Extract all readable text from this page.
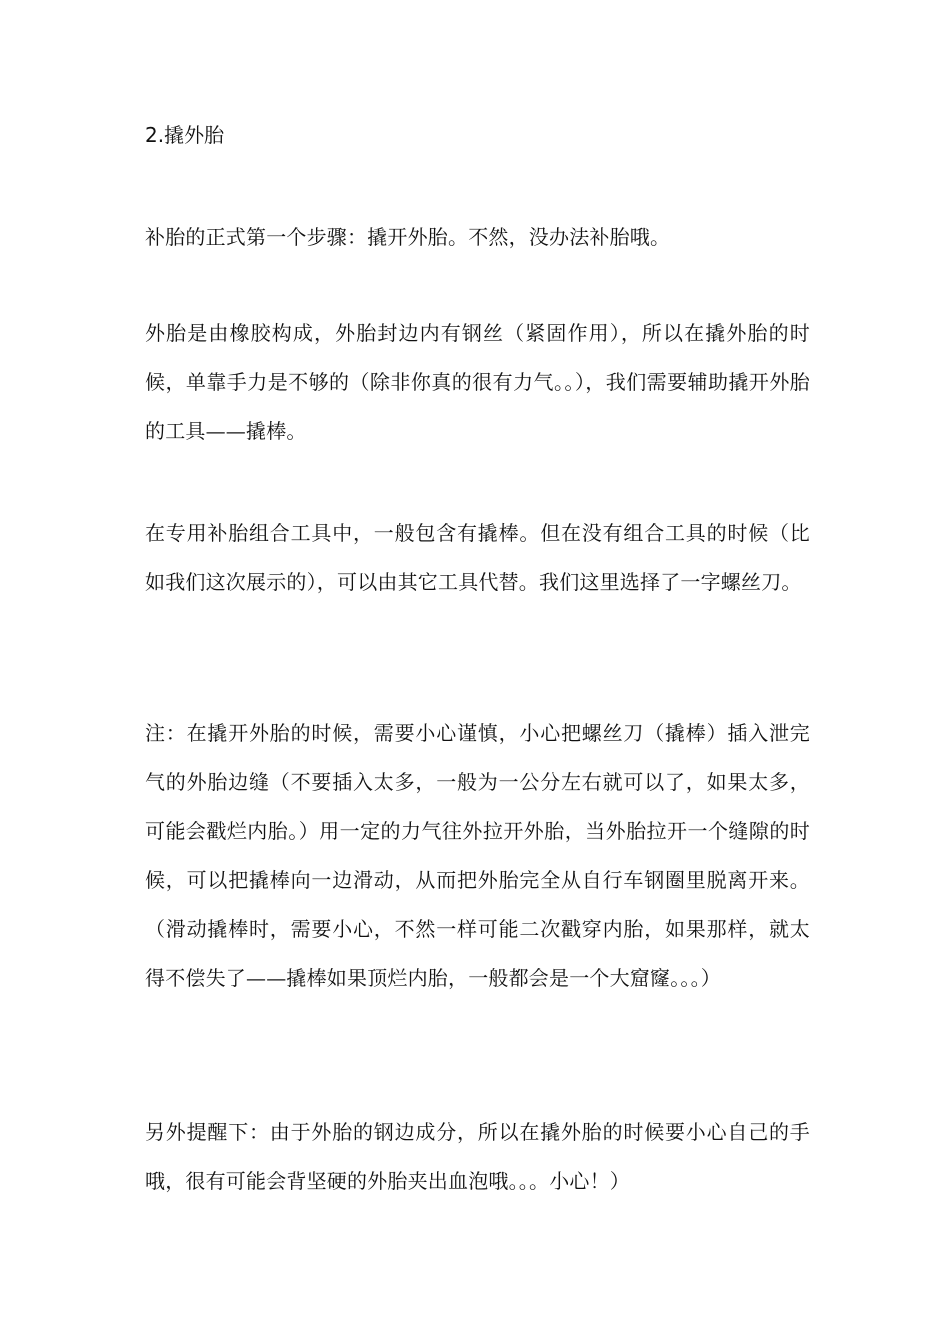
2.撬外胎

补胎的正式第一个步骤：撬开外胎。不然，没办法补胎哦。

外胎是由橡胶构成，外胎封边内有钢丝（紧固作用），所以在撬外胎的时候，单靠手力是不够的（除非你真的很有力气。。），我们需要辅助撬开外胎的工具——撬棒。

在专用补胎组合工具中，一般包含有撬棒。但在没有组合工具的时候（比如我们这次展示的），可以由其它工具代替。我们这里选择了一字螺丝刀。

注：在撬开外胎的时候，需要小心谨慎，小心把螺丝刀（撬棒）插入泄完气的外胎边缝（不要插入太多，一般为一公分左右就可以了，如果太多，可能会戳烂内胎。）用一定的力气往外拉开外胎，当外胎拉开一个缝隙的时候，可以把撬棒向一边滑动，从而把外胎完全从自行车钢圈里脱离开来。（滑动撬棒时，需要小心，不然一样可能二次戳穿内胎，如果那样，就太得不偿失了——撬棒如果顶烂内胎，一般都会是一个大窟窿。。。）

另外提醒下：由于外胎的钢边成分，所以在撬外胎的时候要小心自己的手哦，很有可能会背坚硬的外胎夹出血泡哦。。。小心！）
